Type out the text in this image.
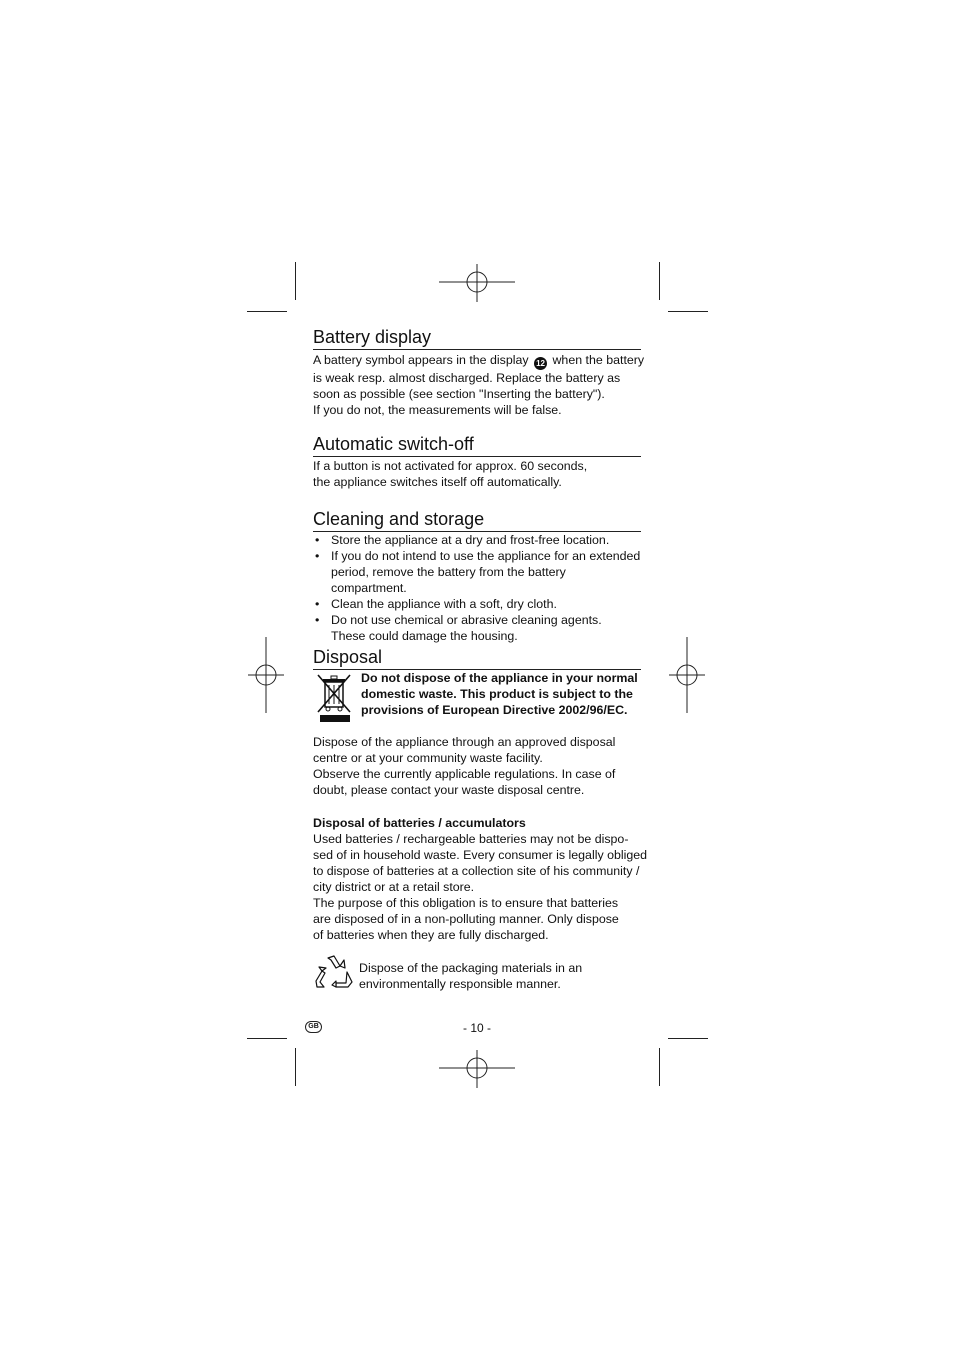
Battery display
A battery symbol appears in the display 12 when the battery
is weak resp. almost discharged. Replace the battery as
soon as possible (see section "Inserting the battery").
If you do not, the measurements will be false.
Automatic switch-off
If a button is not activated for approx. 60 seconds,
the appliance switches itself off automatically.
Cleaning and storage
• Store the appliance at a dry and frost-free location.
• If you do not intend to use the appliance for an extended
period, remove the battery from the battery compartment.
• Clean the appliance with a soft, dry cloth.
• Do not use chemical or abrasive cleaning agents.
These could damage the housing.
Disposal
Do not dispose of the appliance in your normal
domestic waste. This product is subject to the
provisions of European Directive 2002/96/EC.
Dispose of the appliance through an approved disposal
centre or at your community waste facility.
Observe the currently applicable regulations. In case of
doubt, please contact your waste disposal centre.
Disposal of batteries / accumulators
Used batteries / rechargeable batteries may not be dispo-
sed of in household waste. Every consumer is legally obliged
to dispose of batteries at a collection site of his community /
city district or at a retail store.
The purpose of this obligation is to ensure that batteries
are disposed of in a non-polluting manner. Only dispose
of batteries when they are fully discharged.
Dispose of the packaging materials in an
environmentally responsible manner.
GB	- 10 -
